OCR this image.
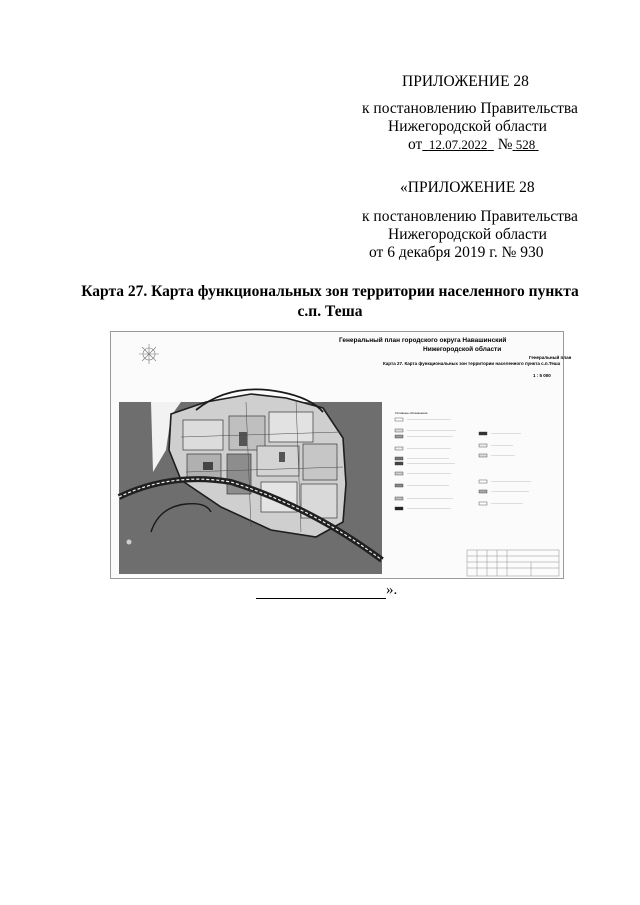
ПРИЛОЖЕНИЕ 28
к постановлению Правительства
Нижегородской области
от 12.07.2022 № 528
«ПРИЛОЖЕНИЕ 28
к постановлению Правительства
Нижегородской области
от 6 декабря 2019 г. № 930
Карта 27. Карта функциональных зон территории населенного пункта
с.п. Теша
Генеральный план городского округа Навашинский
Нижегородской области
Генеральный план
Карта 27. Карта функциональных зон территории населенного пункта с.п.Теша
1 : 5 000
Условные обозначения
».
